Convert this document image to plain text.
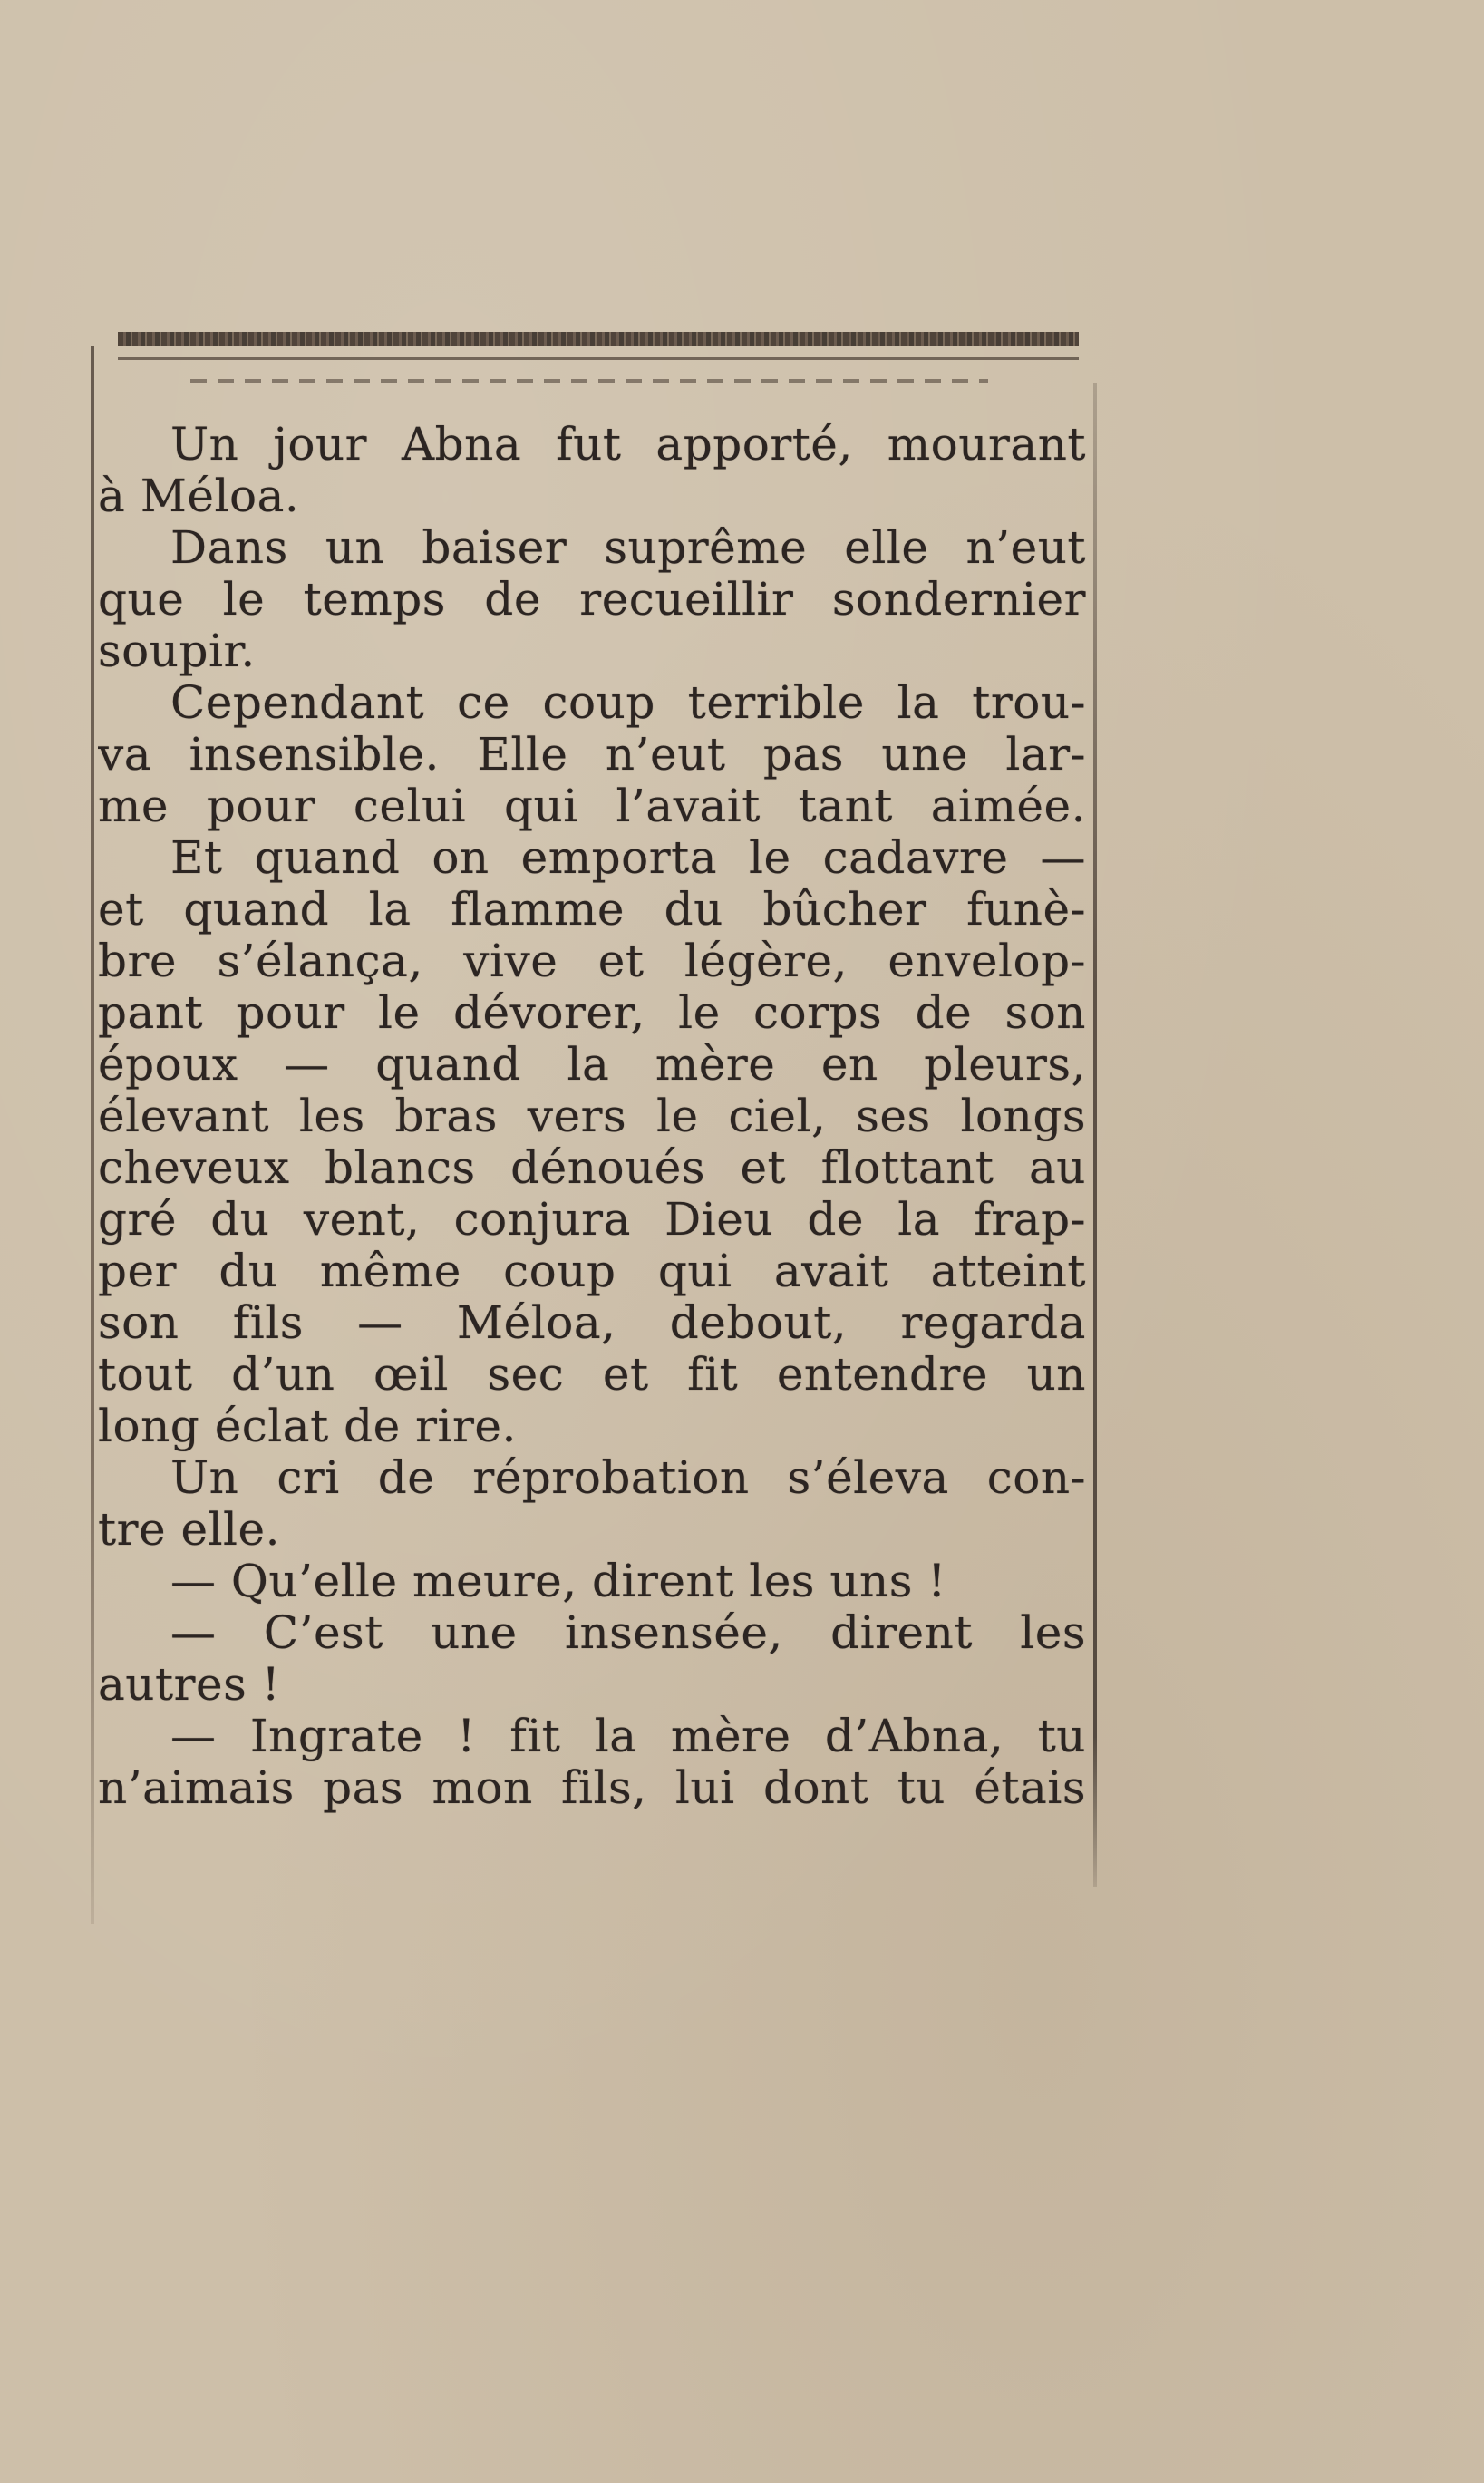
Un jour Abna fut apporté, mourant
à Méloa.
Dans un baiser suprême elle n’eut
que le temps de recueillir sondernier
soupir.
Cependant ce coup terrible la trou-
va insensible. Elle n’eut pas une lar-
me pour celui qui l’avait tant aimée.
Et quand on emporta le cadavre —
et quand la flamme du bûcher funè-
bre s’élança, vive et légère, envelop-
pant pour le dévorer, le corps de son
époux — quand la mère en pleurs,
élevant les bras vers le ciel, ses longs
cheveux blancs dénoués et flottant au
gré du vent, conjura Dieu de la frap-
per du même coup qui avait atteint
son fils — Méloa, debout, regarda
tout d’un œil sec et fit entendre un
long éclat de rire.
Un cri de réprobation s’éleva con-
tre elle.
— Qu’elle meure, dirent les uns !
— C’est une insensée, dirent les
autres !
— Ingrate ! fit la mère d’Abna, tu
n’aimais pas mon fils, lui dont tu étais
